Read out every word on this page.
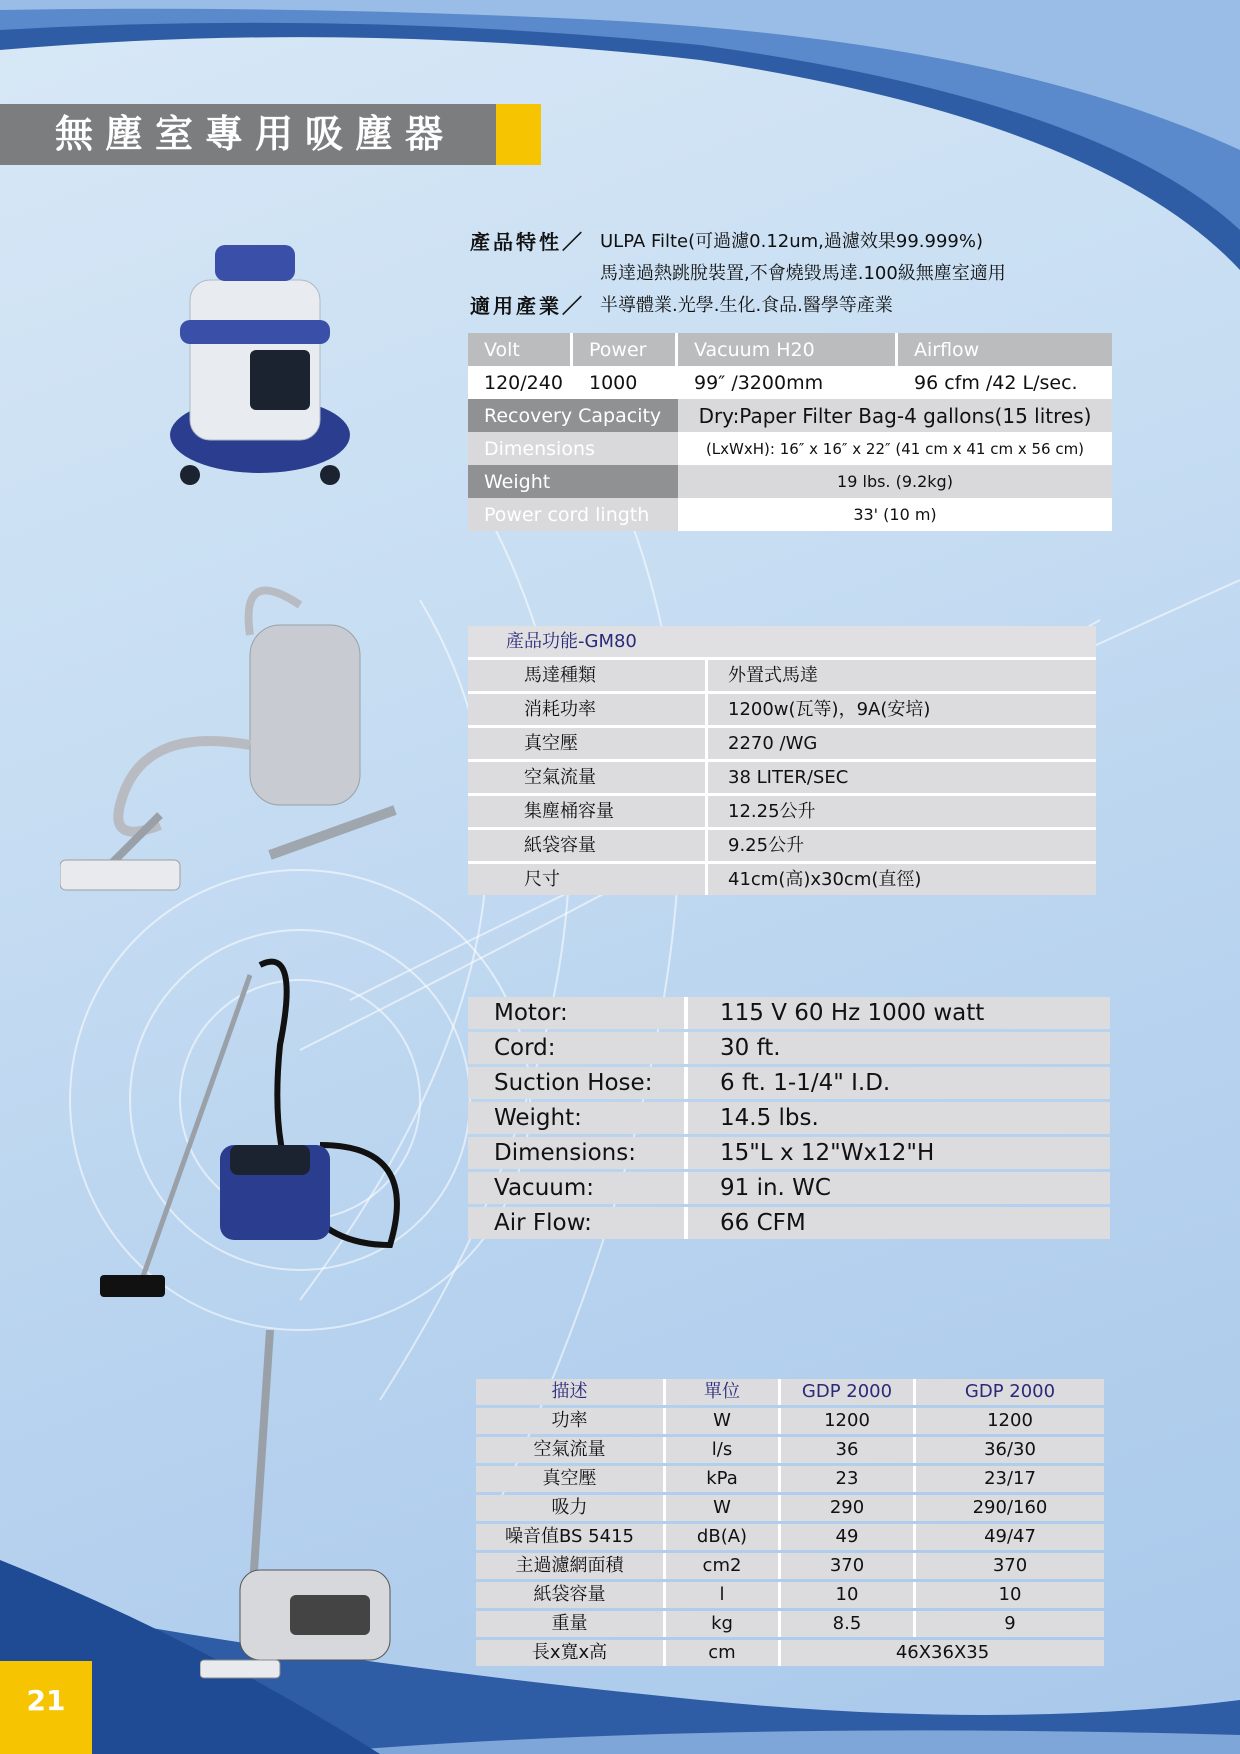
無塵室專用吸塵器
產品特性／ ULPA Filte(可過濾0.12um,過濾效果99.999%)
馬達過熱跳脫裝置,不會燒毀馬達.100級無塵室適用
適用產業／ 半導體業.光學.生化.食品.醫學等產業
Volt	Power	Vacuum H20	Airflow
120/240	1000	99″ /3200mm	96 cfm /42 L/sec.
Recovery Capacity	Dry:Paper Filter Bag-4 gallons(15 litres)
Dimensions	(LxWxH): 16″ x 16″ x 22″ (41 cm x 41 cm x 56 cm)
Weight	19 lbs. (9.2kg)
Power cord lingth	33' (10 m)
產品功能-GM80
馬達種類	外置式馬達
消耗功率	1200w(瓦等)，9A(安培)
真空壓	2270 /WG
空氣流量	38 LITER/SEC
集塵桶容量	12.25公升
紙袋容量	9.25公升
尺寸	41cm(高)x30cm(直徑)
Motor:	115 V 60 Hz 1000 watt
Cord:	30 ft.
Suction Hose:	6 ft. 1-1/4" I.D.
Weight:	14.5 lbs.
Dimensions:	15"L x 12"Wx12"H
Vacuum:	91 in. WC
Air Flow:	66 CFM
描述	單位	GDP 2000	GDP 2000
功率	W	1200	1200
空氣流量	l/s	36	36/30
真空壓	kPa	23	23/17
吸力	W	290	290/160
噪音值BS 5415	dB(A)	49	49/47
主過濾網面積	cm2	370	370
紙袋容量	l	10	10
重量	kg	8.5	9
長x寬x高	cm	46X36X35
21
